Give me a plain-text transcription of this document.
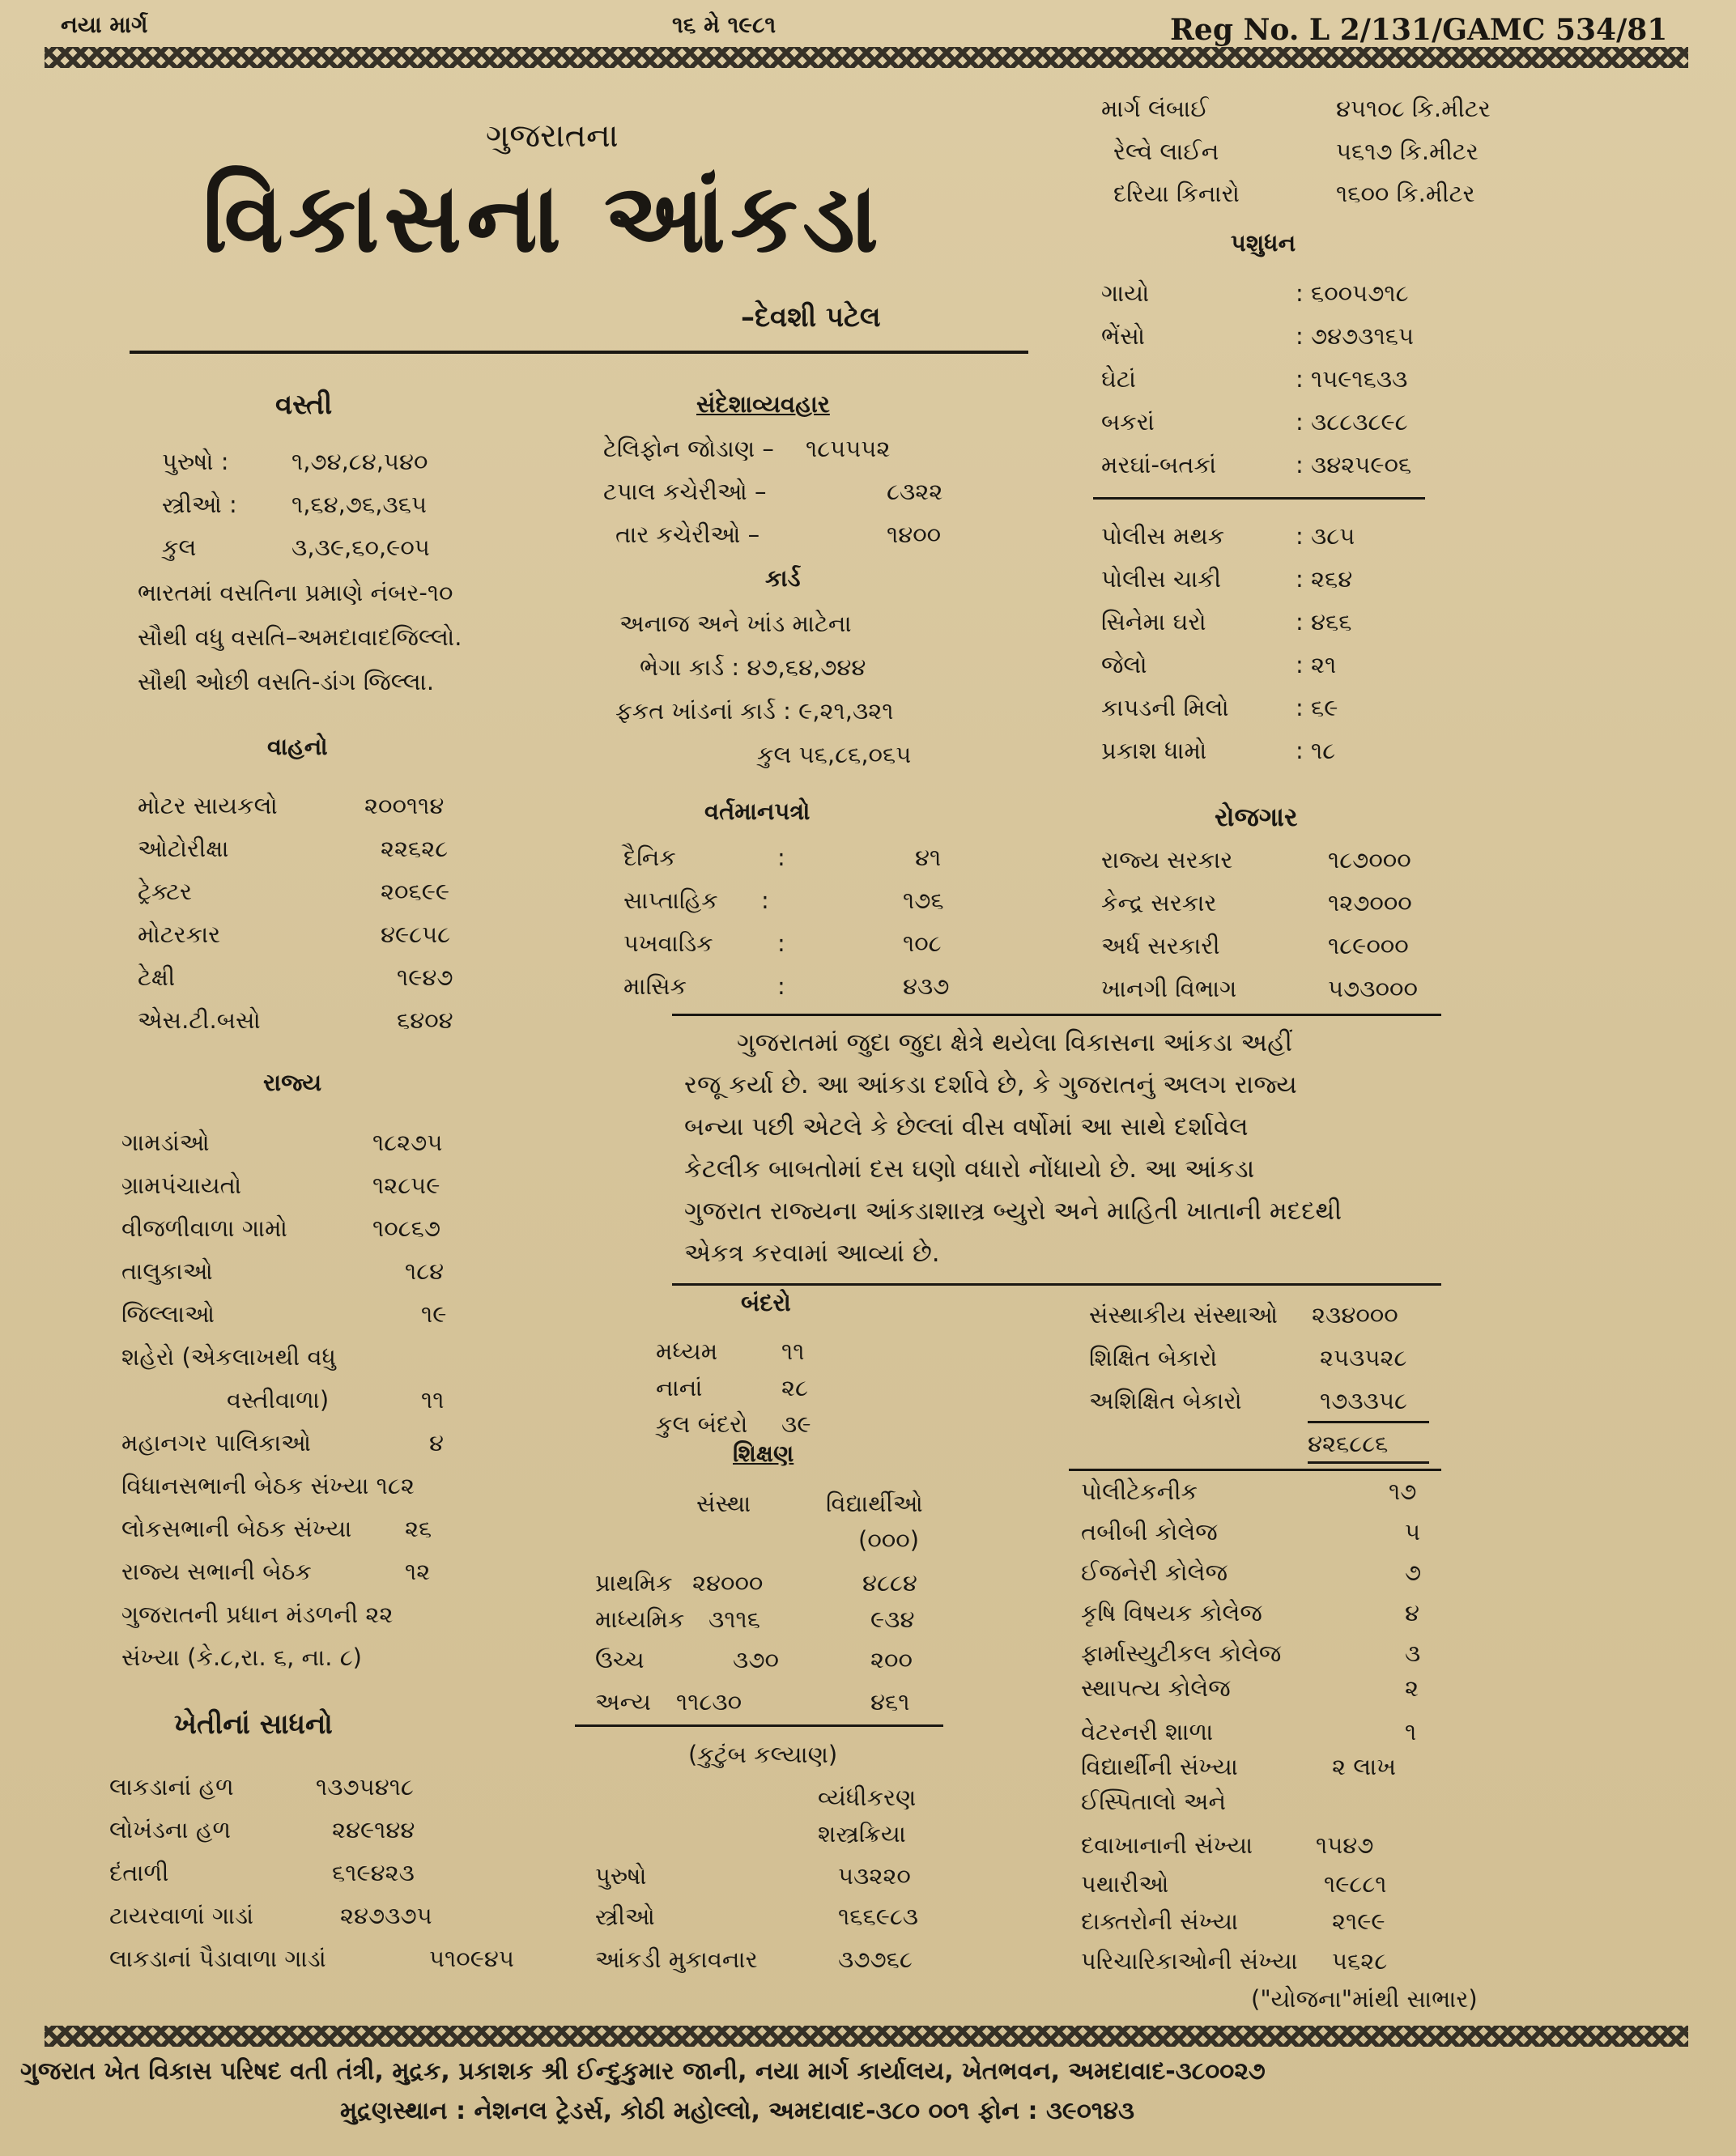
નયા માર્ગ	૧૬ મે ૧૯૮૧	Reg No. L 2/131/GAMC 534/81
ગુજરાતના
વિકાસના આંકડા
–દેવશી પટેલ
માર્ગ લંબાઈ	૪૫૧૦૮ કિ.મીટર
રેલ્વે લાઈન	૫૬૧૭ કિ.મીટર
દરિયા કિનારો	૧૬૦૦ કિ.મીટર
પશુધન
ગાયો	: ૬૦૦૫૭૧૮
ભેંસો	: ૭૪૭૩૧૬૫
ઘેટાં	: ૧૫૯૧૬૩૩
બકરાં	: ૩૮૮૩૮૯૮
મરઘાં-બતકાં	: ૩૪૨૫૯૦૬
પોલીસ મથક	: ૩૮૫
પોલીસ ચાકી	: ૨૬૪
સિનેમા ઘરો	: ૪૬૬
જેલો	: ૨૧
કાપડની મિલો	: ૬૯
પ્રકાશ ધામો	: ૧૮
વસ્તી
પુરુષો :	૧,૭૪,૮૪,૫૪૦
સ્ત્રીઓ : ૧,૬૪,૭૬,૩૬૫
કુલ	૩,૩૯,૬૦,૯૦૫
ભારતમાં વસતિના પ્રમાણે નંબર-૧૦
સૌથી વધુ વસતિ–અમદાવાદજિલ્લો.
સૌથી ઓછી વસતિ-ડાંગ જિલ્લા.
સંદેશાવ્યવહાર
ટેલિફોન જોડાણ – ૧૮૫૫૫૨
ટપાલ કચેરીઓ –	૮૩૨૨
તાર કચેરીઓ –	૧૪૦૦
કાર્ડ
અનાજ અને ખાંડ માટેના
ભેગા કાર્ડ : ૪૭,૬૪,૭૪૪
ફકત ખાંડનાં કાર્ડ : ૯,૨૧,૩૨૧
કુલ ૫૬,૮૬,૦૬૫
વાહનો
મોટર સાયકલો	૨૦૦૧૧૪
ઓટોરીક્ષા	૨૨૬૨૮
ટ્રેક્ટર	૨૦૬૯૯
મોટરકાર	૪૯૮૫૮
ટેક્ષી	૧૯૪૭
એસ.ટી.બસો	૬૪૦૪
વર્તમાનપત્રો
દૈનિક	:	૪૧
સાપ્તાહિક :	૧૭૬
પખવાડિક	:	૧૦૮
માસિક	:	૪૩૭
રોજગાર
રાજ્ય સરકાર	૧૮૭૦૦૦
કેન્દ્ર સરકાર	૧૨૭૦૦૦
અર્ધ સરકારી	૧૮૯૦૦૦
ખાનગી વિભાગ	૫૭૩૦૦૦
ગુજરાતમાં જુદા જુદા ક્ષેત્રે થયેલા વિકાસના આંકડા અહીં
રજૂ કર્યા છે. આ આંકડા દર્શાવે છે, કે ગુજરાતનું અલગ રાજ્ય
બન્યા પછી એટલે કે છેલ્લાં વીસ વર્ષોમાં આ સાથે દર્શાવેલ
કેટલીક બાબતોમાં દસ ઘણો વધારો નોંધાયો છે. આ આંકડા
ગુજરાત રાજ્યના આંકડાશાસ્ત્ર બ્યુરો અને માહિતી ખાતાની મદદથી
એકત્ર કરવામાં આવ્યાં છે.
રાજ્ય
ગામડાંઓ	૧૮૨૭૫
ગ્રામપંચાયતો	૧૨૮૫૯
વીજળીવાળા ગામો	૧૦૮૬૭
તાલુકાઓ	૧૮૪
જિલ્લાઓ	૧૯
શહેરો (એકલાખથી વધુ
વસ્તીવાળા)	૧૧
મહાનગર પાલિકાઓ	૪
વિધાનસભાની બેઠક સંખ્યા ૧૮૨
લોકસભાની બેઠક સંખ્યા ૨૬
રાજ્ય સભાની બેઠક	૧૨
ગુજરાતની પ્રધાન મંડળની ૨૨
સંખ્યા (કે.૮,રા. ૬, ના. ૮)
બંદરો
મધ્યમ	૧૧
નાનાં	૨૮
કુલ બંદરો ૩૯
સંસ્થાકીય સંસ્થાઓ ૨૩૪૦૦૦
શિક્ષિત બેકારો	૨૫૩૫૨૮
અશિક્ષિત બેકારો	૧૭૩૩૫૮
૪૨૬૮૮૬
શિક્ષણ
સંસ્થા	વિદ્યાર્થીઓ
(૦૦૦)
પ્રાથમિક ૨૪૦૦૦	૪૮૮૪
માધ્યમિક ૩૧૧૬	૯૩૪
ઉચ્ચ	૩૭૦	૨૦૦
અન્ય ૧૧૮૩૦	૪૬૧
પોલીટેકનીક	૧૭
તબીબી કોલેજ	૫
ઈજનેરી કોલેજ	૭
કૃષિ વિષયક કોલેજ	૪
ફાર્માસ્યુટીકલ કોલેજ	૩
સ્થાપત્ય કોલેજ	૨
વેટરનરી શાળા	૧
વિદ્યાર્થીની સંખ્યા	૨ લાખ
ખેતીનાં સાધનો
લાકડાનાં હળ	૧૩૭૫૪૧૮
લોખંડના હળ	૨૪૯૧૪૪
દંતાળી	૬૧૯૪૨૩
ટાયરવાળાં ગાડાં	૨૪૭૩૭૫
લાકડાનાં પૈડાવાળા ગાડાં	૫૧૦૯૪૫
(કુટુંબ કલ્યાણ)
વ્યંધીકરણ
શસ્ત્રક્રિયા
પુરુષો	૫૩૨૨૦
સ્ત્રીઓ	૧૬૬૯૮૩
આંકડી મુકાવનાર	૩૭૭૬૮
ઈસ્પિતાલો અને
દવાખાનાની સંખ્યા	૧૫૪૭
પથારીઓ	૧૯૮૮૧
દાક્તરોની સંખ્યા	૨૧૯૯
પરિચારિકાઓની સંખ્યા ૫૬૨૮
("યોજના"માંથી સાભાર)
ગુજરાત ખેત વિકાસ પરિષદ વતી તંત્રી, મુદ્રક, પ્રકાશક શ્રી ઈન્દુકુમાર જાની, નયા માર્ગ કાર્યાલય, ખેતભવન, અમદાવાદ-૩૮૦૦૨૭
મુદ્રણસ્થાન : નેશનલ ટ્રેડર્સ, કોઠી મહોલ્લો, અમદાવાદ-૩૮૦ ૦૦૧ ફોન : ૩૯૦૧૪૩
